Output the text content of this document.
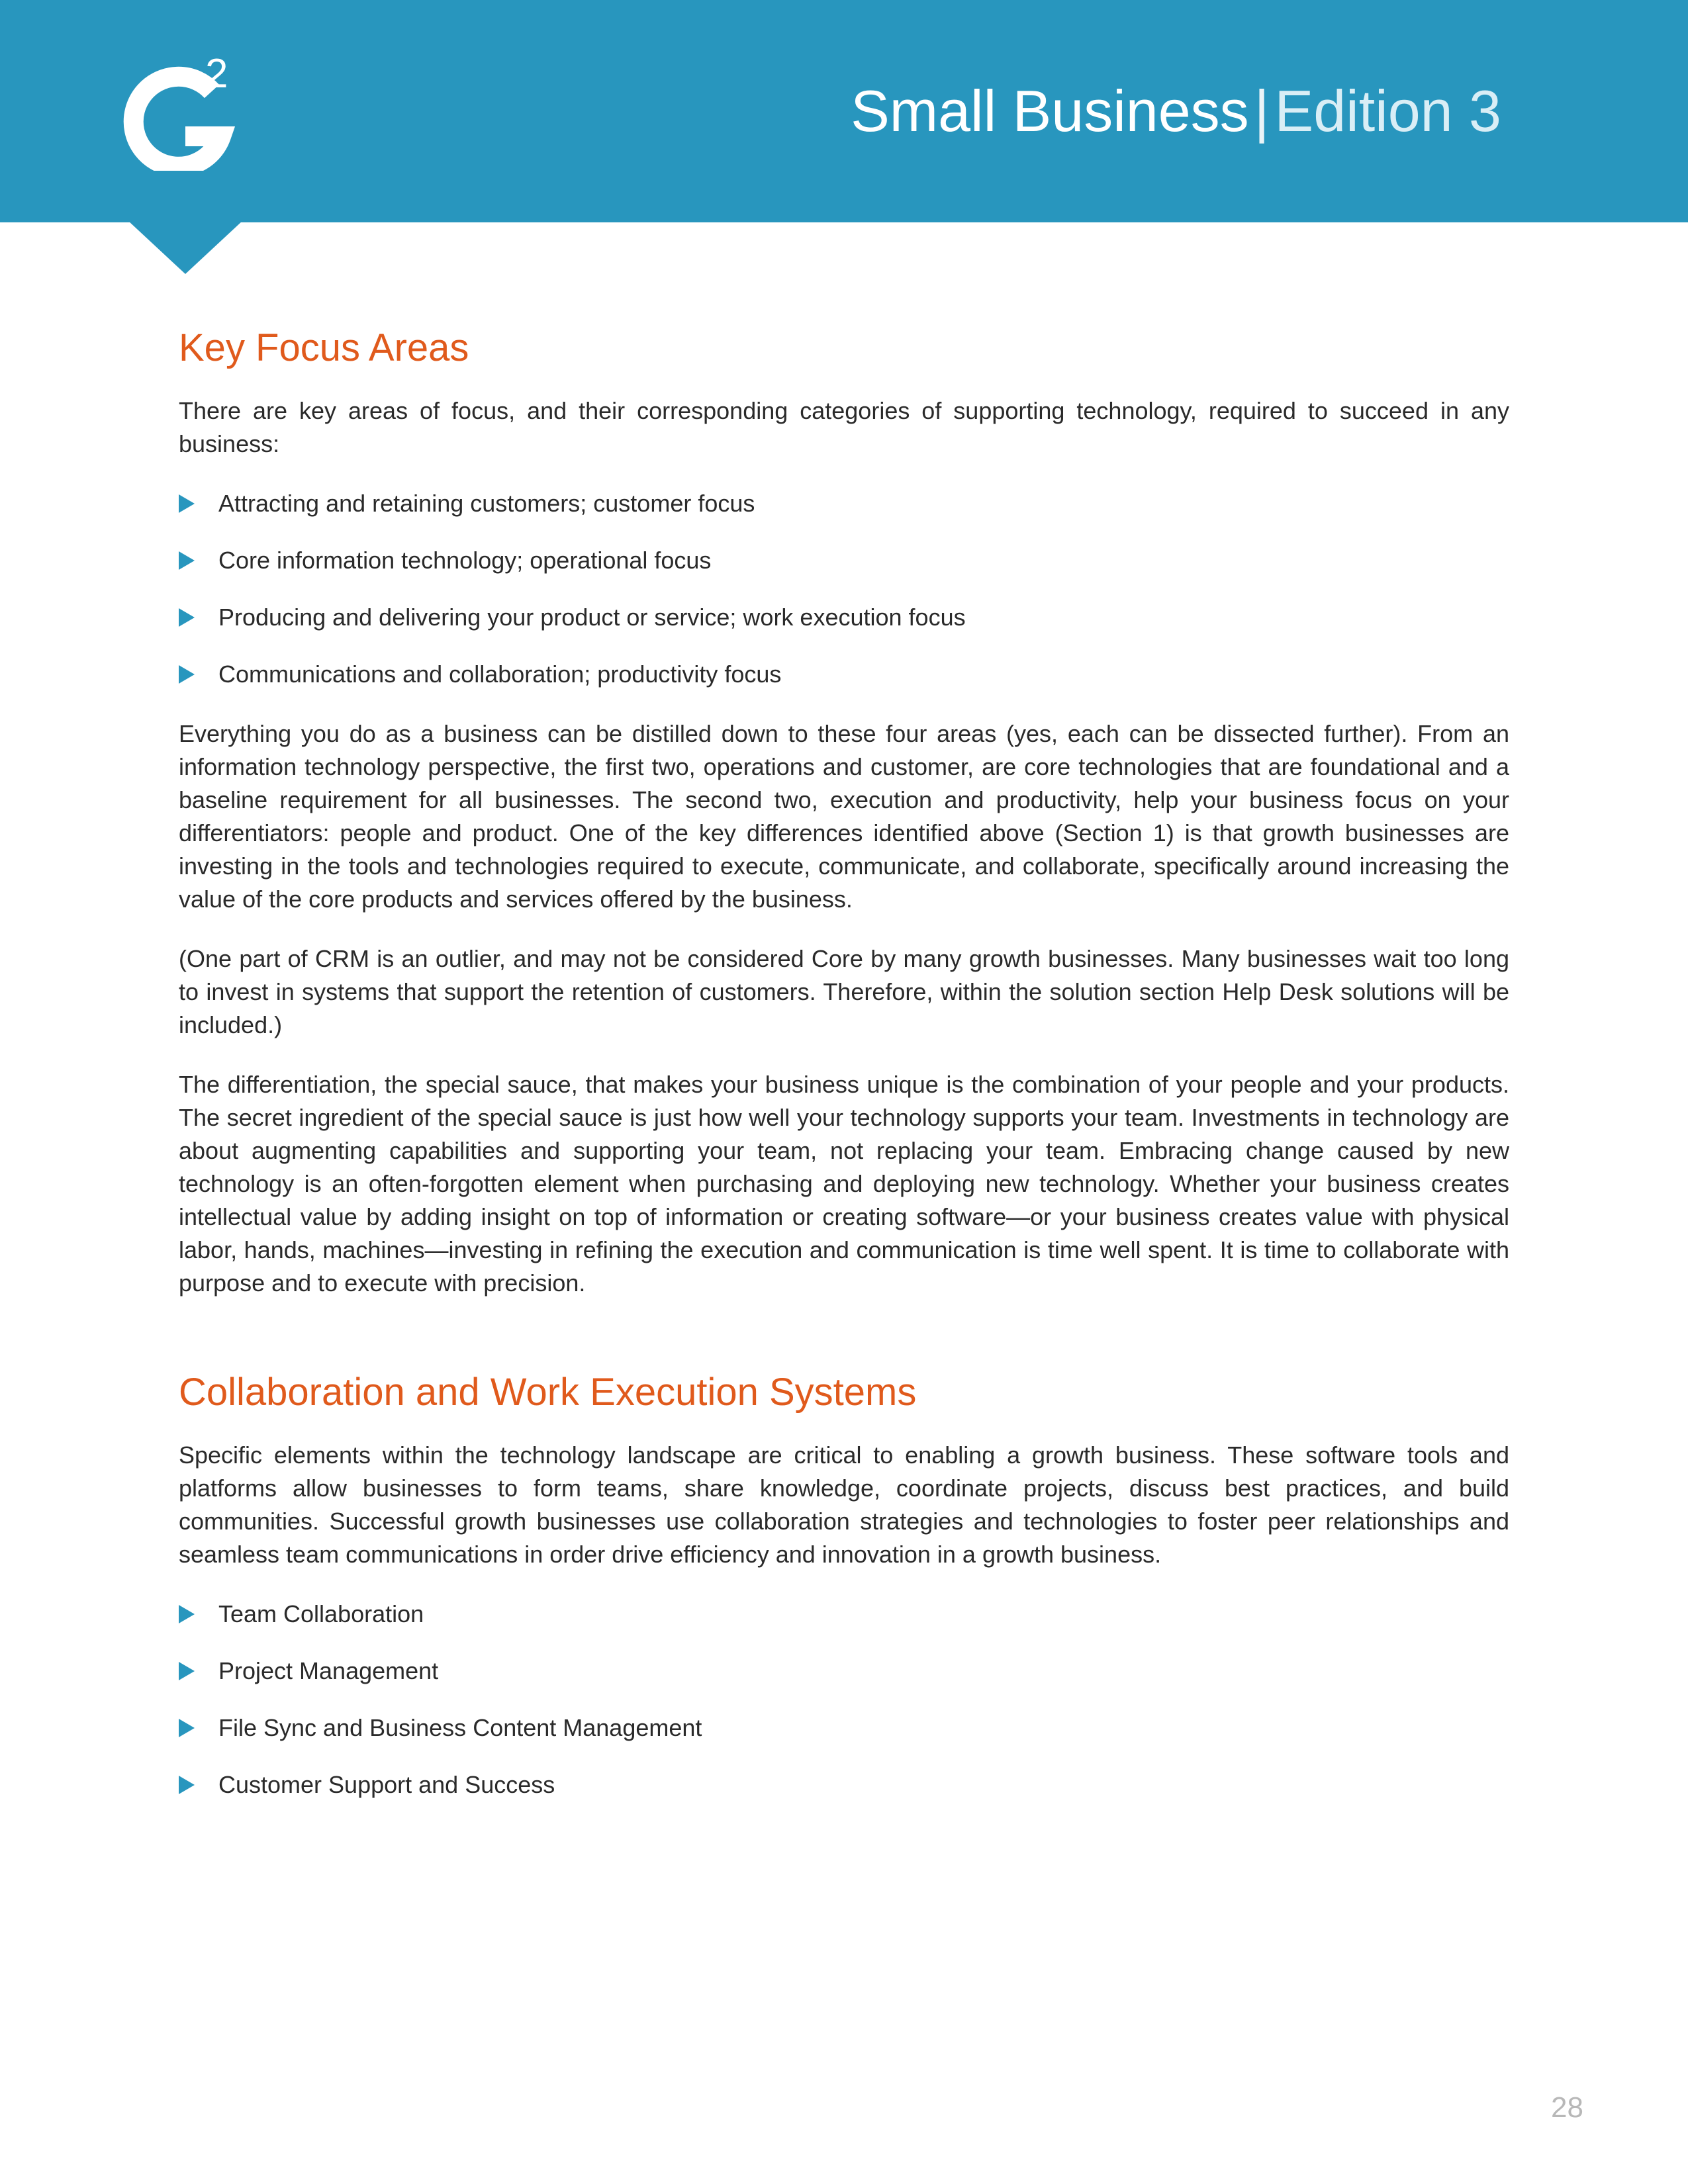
2
Small Business|Edition 3
Key Focus Areas

There are key areas of focus, and their corresponding categories of supporting technology, required to succeed in any business:

Attracting and retaining customers; customer focus
Core information technology; operational focus
Producing and delivering your product or service; work execution focus
Communications and collaboration; productivity focus

Everything you do as a business can be distilled down to these four areas (yes, each can be dissected further). From an information technology perspective, the first two, operations and customer, are core technologies that are foundational and a baseline requirement for all businesses. The second two, execution and productivity, help your business focus on your differentiators: people and product. One of the key differences identified above (Section 1) is that growth businesses are investing in the tools and technologies required to execute, communicate, and collaborate, specifically around increasing the value of the core products and services offered by the business.

(One part of CRM is an outlier, and may not be considered Core by many growth businesses. Many businesses wait too long to invest in systems that support the retention of customers. Therefore, within the solution section Help Desk solutions will be included.)

The differentiation, the special sauce, that makes your business unique is the combination of your people and your products. The secret ingredient of the special sauce is just how well your technology supports your team. Investments in technology are about augmenting capabilities and supporting your team, not replacing your team. Embracing change caused by new technology is an often-forgotten element when purchasing and deploying new technology. Whether your business creates intellectual value by adding insight on top of information or creating software—or your business creates value with physical labor, hands, machines—investing in refining the execution and communication is time well spent. It is time to collaborate with purpose and to execute with precision.

Collaboration and Work Execution Systems

Specific elements within the technology landscape are critical to enabling a growth business. These software tools and platforms allow businesses to form teams, share knowledge, coordinate projects, discuss best practices, and build communities. Successful growth businesses use collaboration strategies and technologies to foster peer relationships and seamless team communications in order drive efficiency and innovation in a growth business.

Team Collaboration
Project Management
File Sync and Business Content Management
Customer Support and Success
28
